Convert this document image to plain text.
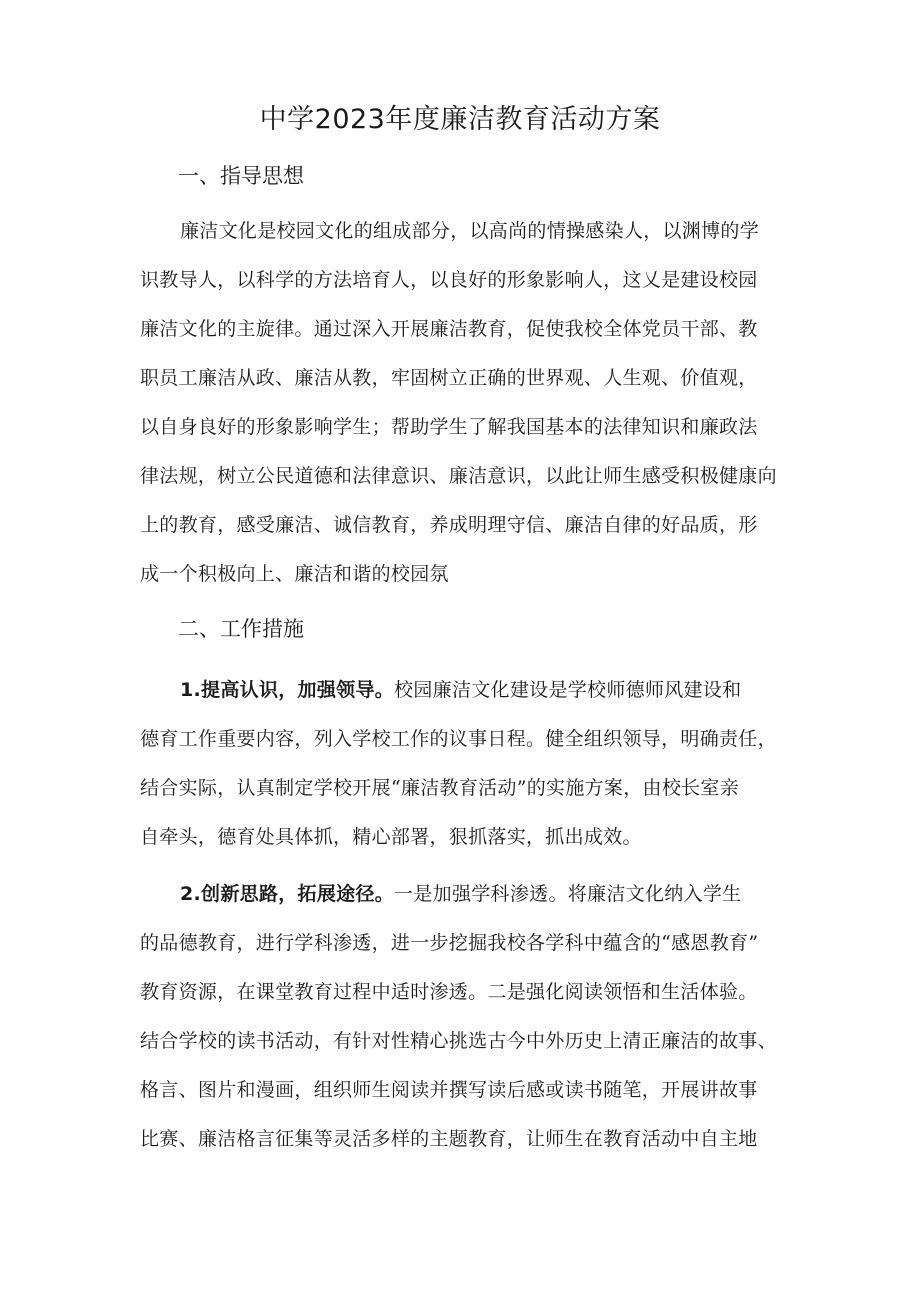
中学2023年度廉洁教育活动方案
一、指导思想
廉洁文化是校园文化的组成部分，以高尚的情操感染人，以渊博的学
识教导人，以科学的方法培育人，以良好的形象影响人，这乂是建设校园
廉洁文化的主旋律。通过深入开展廉洁教育，促使我校全体党员干部、教
职员工廉洁从政、廉洁从教，牢固树立正确的世界观、人生观、价值观，
以自身良好的形象影响学生；帮助学生了解我国基本的法律知识和廉政法
律法规，树立公民道德和法律意识、廉洁意识，以此让师生感受积极健康向
上的教育，感受廉洁、诚信教育，养成明理守信、廉洁自律的好品质，形
成一个积极向上、廉洁和谐的校园氛
二、工作措施
1.提高认识，加强领导。校园廉洁文化建设是学校师德师风建设和
德育工作重要内容，列入学校工作的议事日程。健全组织领导，明确责任，
结合实际，认真制定学校开展“廉洁教育活动”的实施方案，由校长室亲
自牵头，德育处具体抓，精心部署，狠抓落实，抓出成效。
2.创新思路，拓展途径。一是加强学科渗透。将廉洁文化纳入学生
的品德教育，进行学科渗透，进一步挖掘我校各学科中蕴含的“感恩教育”
教育资源，在课堂教育过程中适时渗透。二是强化阅读领悟和生活体验。
结合学校的读书活动，有针对性精心挑选古今中外历史上清正廉洁的故事、
格言、图片和漫画，组织师生阅读并撰写读后感或读书随笔，开展讲故事
比赛、廉洁格言征集等灵活多样的主题教育，让师生在教育活动中自主地
